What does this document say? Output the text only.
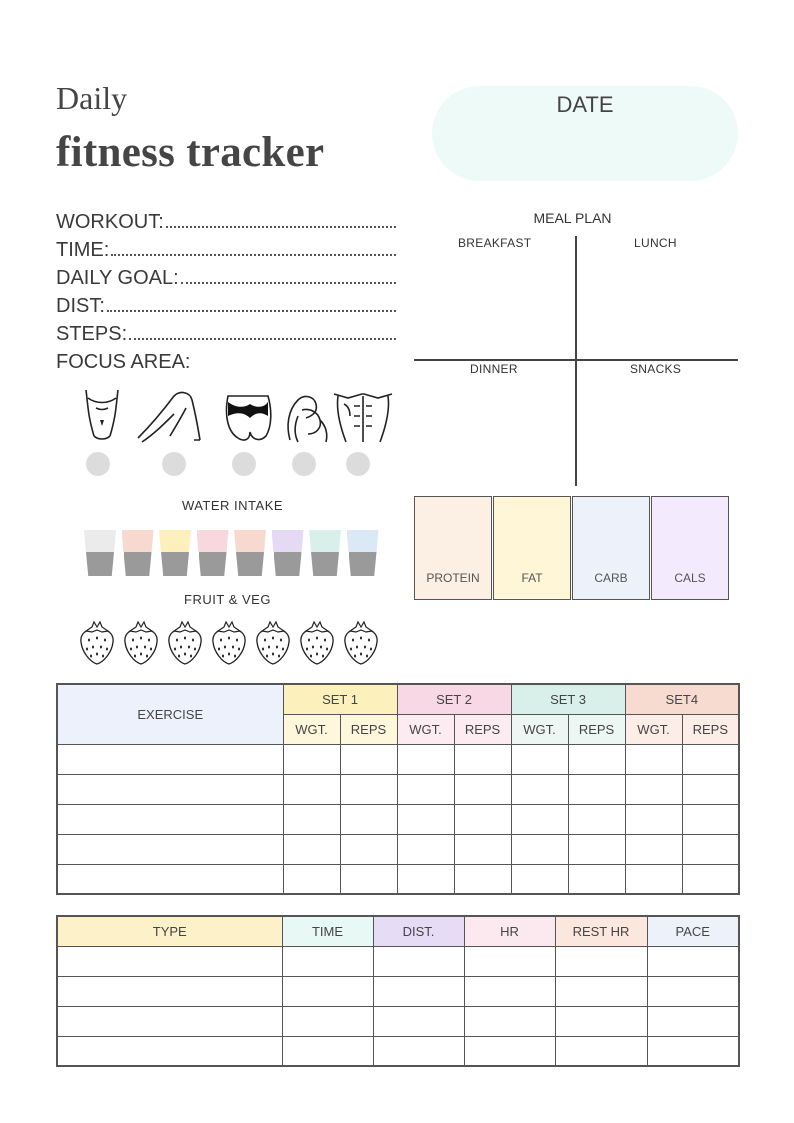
Daily
fitness tracker
DATE
WORKOUT:
TIME:
DAILY GOAL:
DIST:
STEPS:
FOCUS AREA:
WATER INTAKE
FRUIT & VEG
MEAL PLAN
BREAKFAST	LUNCH
DINNER	SNACKS
PROTEIN	FAT	CARB	CALS
EXERCISE	SET 1		SET 2		SET 3		SET4	
	WGT.	REPS	WGT.	REPS	WGT.	REPS	WGT.	REPS

TYPE	TIME	DIST.	HR	REST HR	PACE
